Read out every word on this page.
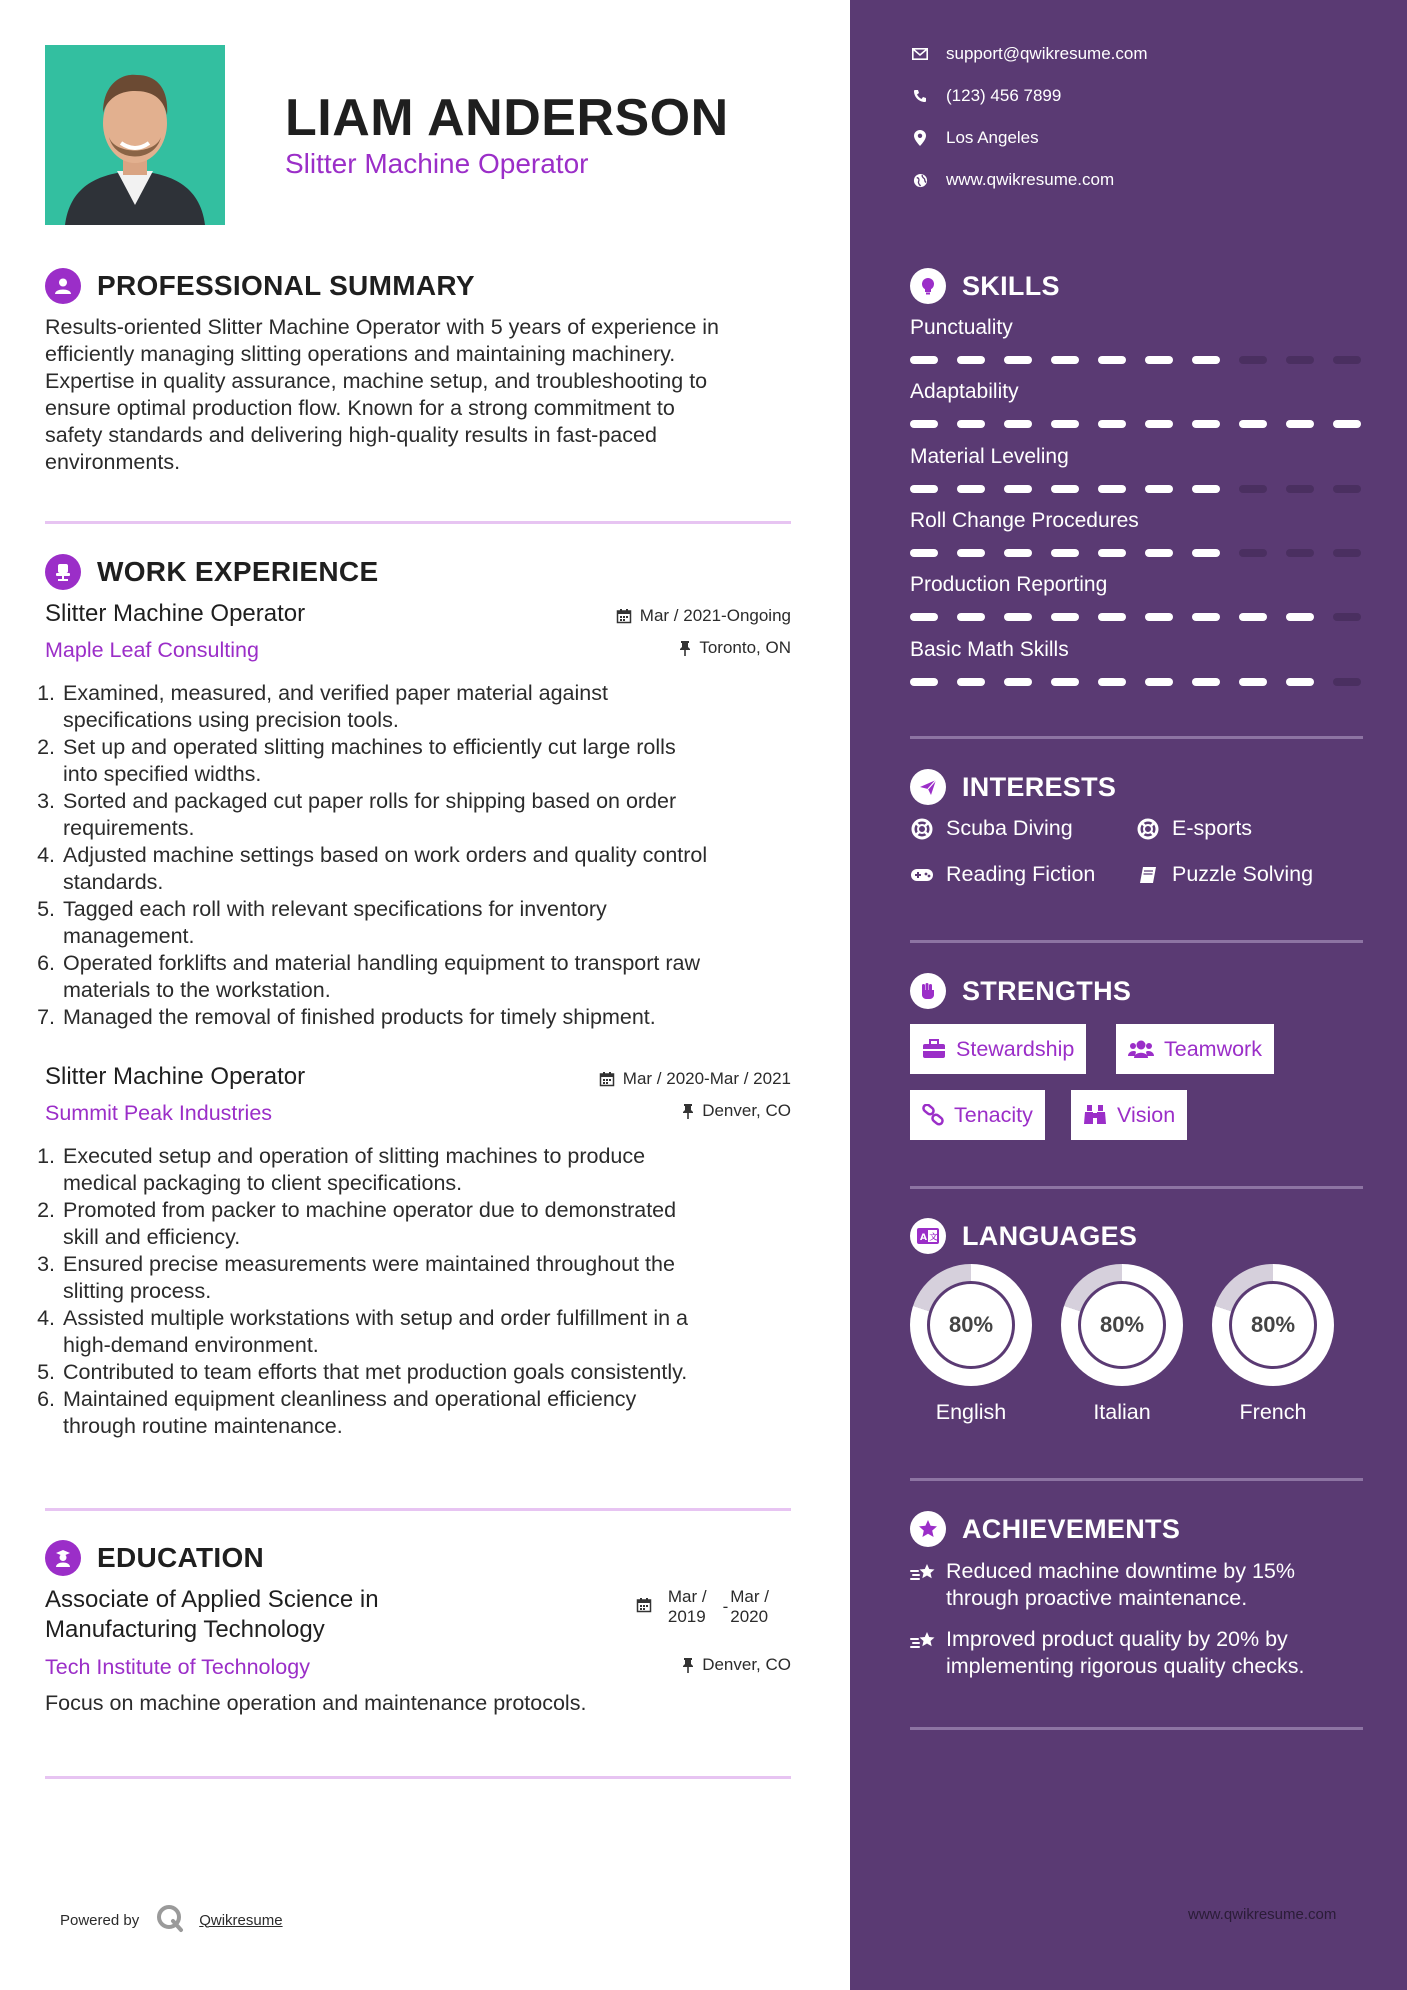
LIAM ANDERSON
Slitter Machine Operator
PROFESSIONAL SUMMARY
Results-oriented Slitter Machine Operator with 5 years of experience in
efficiently managing slitting operations and maintaining machinery.
Expertise in quality assurance, machine setup, and troubleshooting to
ensure optimal production flow. Known for a strong commitment to
safety standards and delivering high-quality results in fast-paced
environments.
WORK EXPERIENCE
Slitter Machine Operator
Maple Leaf Consulting
Mar / 2021-Ongoing
Toronto, ON
1. Examined, measured, and verified paper material against
specifications using precision tools.
2. Set up and operated slitting machines to efficiently cut large rolls
into specified widths.
3. Sorted and packaged cut paper rolls for shipping based on order
requirements.
4. Adjusted machine settings based on work orders and quality control
standards.
5. Tagged each roll with relevant specifications for inventory
management.
6. Operated forklifts and material handling equipment to transport raw
materials to the workstation.
7. Managed the removal of finished products for timely shipment.
Slitter Machine Operator
Summit Peak Industries
Mar / 2020-Mar / 2021
Denver, CO
1. Executed setup and operation of slitting machines to produce
medical packaging to client specifications.
2. Promoted from packer to machine operator due to demonstrated
skill and efficiency.
3. Ensured precise measurements were maintained throughout the
slitting process.
4. Assisted multiple workstations with setup and order fulfillment in a
high-demand environment.
5. Contributed to team efforts that met production goals consistently.
6. Maintained equipment cleanliness and operational efficiency
through routine maintenance.
EDUCATION
Associate of Applied Science in
Manufacturing Technology
Tech Institute of Technology
Mar /
2019
-
Mar /
2020
Denver, CO
Focus on machine operation and maintenance protocols.
Powered by	Qwikresume
support@qwikresume.com
(123) 456 7899
Los Angeles
www.qwikresume.com
SKILLS
Punctuality
Adaptability
Material Leveling
Roll Change Procedures
Production Reporting
Basic Math Skills
INTERESTS
Scuba Diving	E-sports
Reading Fiction	Puzzle Solving
STRENGTHS
Stewardship	Teamwork
Tenacity	Vision
A 文 LANGUAGES
80%
English
80%
Italian
80%
French
ACHIEVEMENTS
Reduced machine downtime by 15%
through proactive maintenance.
Improved product quality by 20% by
implementing rigorous quality checks.
www.qwikresume.com
